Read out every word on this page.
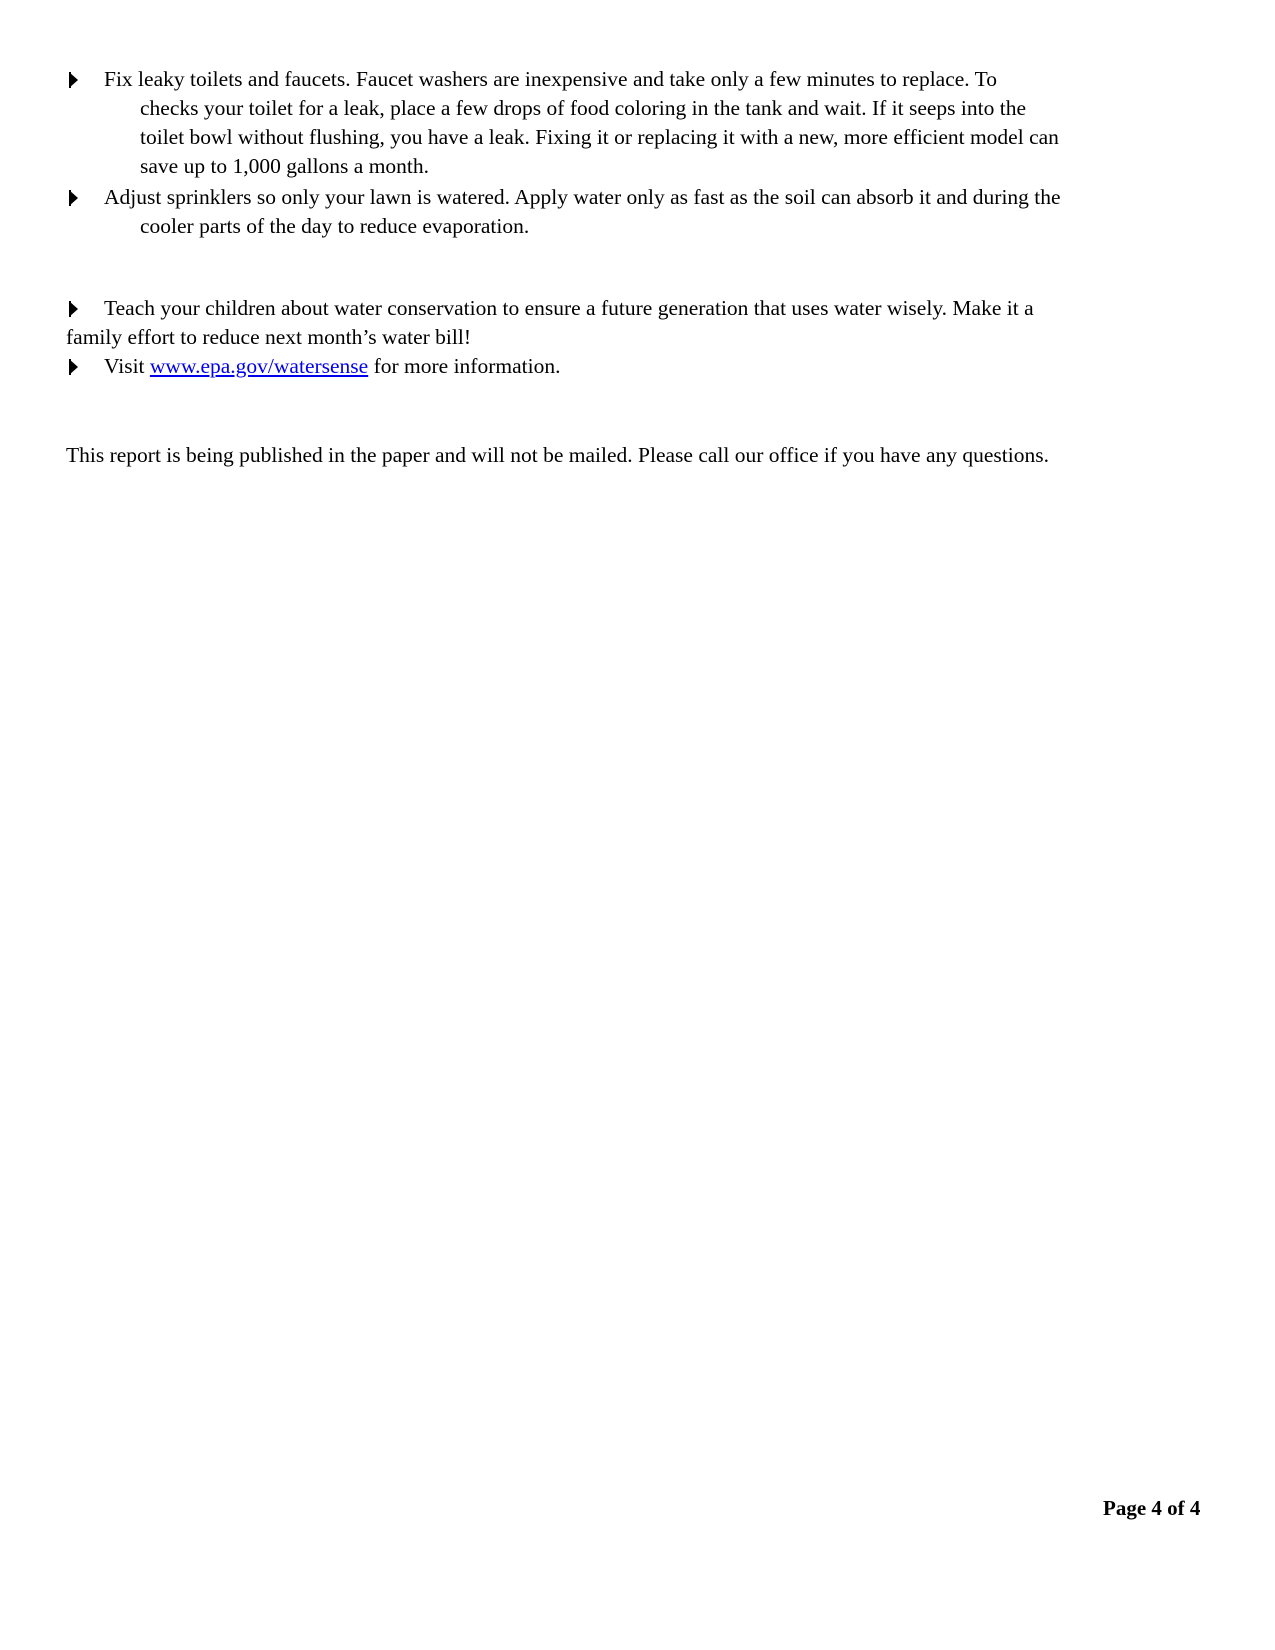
Fix leaky toilets and faucets. Faucet washers are inexpensive and take only a few minutes to replace. To
checks your toilet for a leak, place a few drops of food coloring in the tank and wait. If it seeps into the
toilet bowl without flushing, you have a leak. Fixing it or replacing it with a new, more efficient model can
save up to 1,000 gallons a month.
Adjust sprinklers so only your lawn is watered. Apply water only as fast as the soil can absorb it and during the
cooler parts of the day to reduce evaporation.
Teach your children about water conservation to ensure a future generation that uses water wisely. Make it a
family effort to reduce next month’s water bill!
Visit www.epa.gov/watersense for more information.
This report is being published in the paper and will not be mailed. Please call our office if you have any questions.
Page 4 of 4
